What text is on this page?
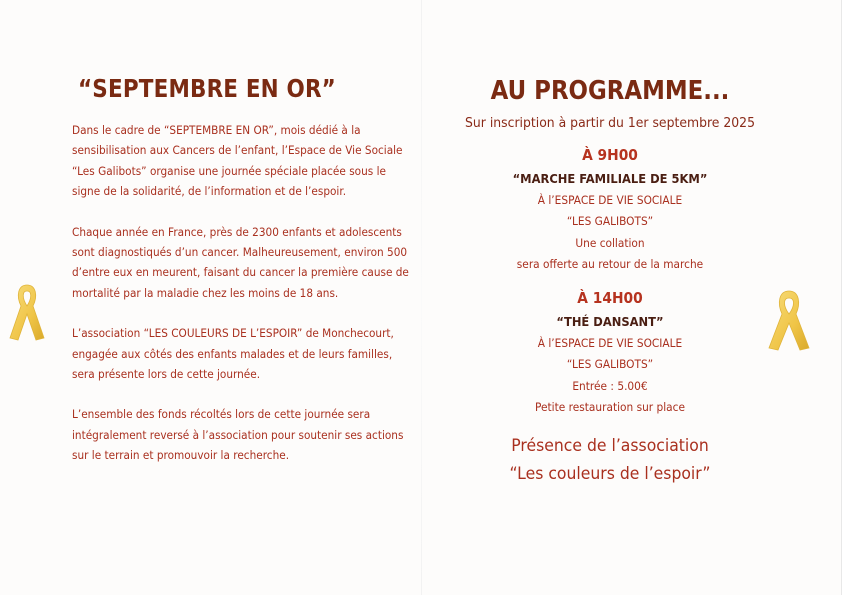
“SEPTEMBRE EN OR”

Dans le cadre de “SEPTEMBRE EN OR”, mois dédié à la sensibilisation aux Cancers de l’enfant, l’Espace de Vie Sociale “Les Galibots” organise une journée spéciale placée sous le signe de la solidarité, de l’information et de l’espoir.

Chaque année en France, près de 2300 enfants et adolescents sont diagnostiqués d’un cancer. Malheureusement, environ 500 d’entre eux en meurent, faisant du cancer la première cause de mortalité par la maladie chez les moins de 18 ans.

L’association “LES COULEURS DE L’ESPOIR” de Monchecourt, engagée aux côtés des enfants malades et de leurs familles, sera présente lors de cette journée.

L’ensemble des fonds récoltés lors de cette journée sera intégralement reversé à l’association pour soutenir ses actions sur le terrain et promouvoir la recherche.

AU PROGRAMME...
Sur inscription à partir du 1er septembre 2025
À 9H00
“MARCHE FAMILIALE DE 5KM”
À l’ESPACE DE VIE SOCIALE
“LES GALIBOTS”
Une collation
sera offerte au retour de la marche
À 14H00
“THÉ DANSANT”
À l’ESPACE DE VIE SOCIALE
“LES GALIBOTS”
Entrée : 5.00€
Petite restauration sur place
Présence de l’association
“Les couleurs de l’espoir”
